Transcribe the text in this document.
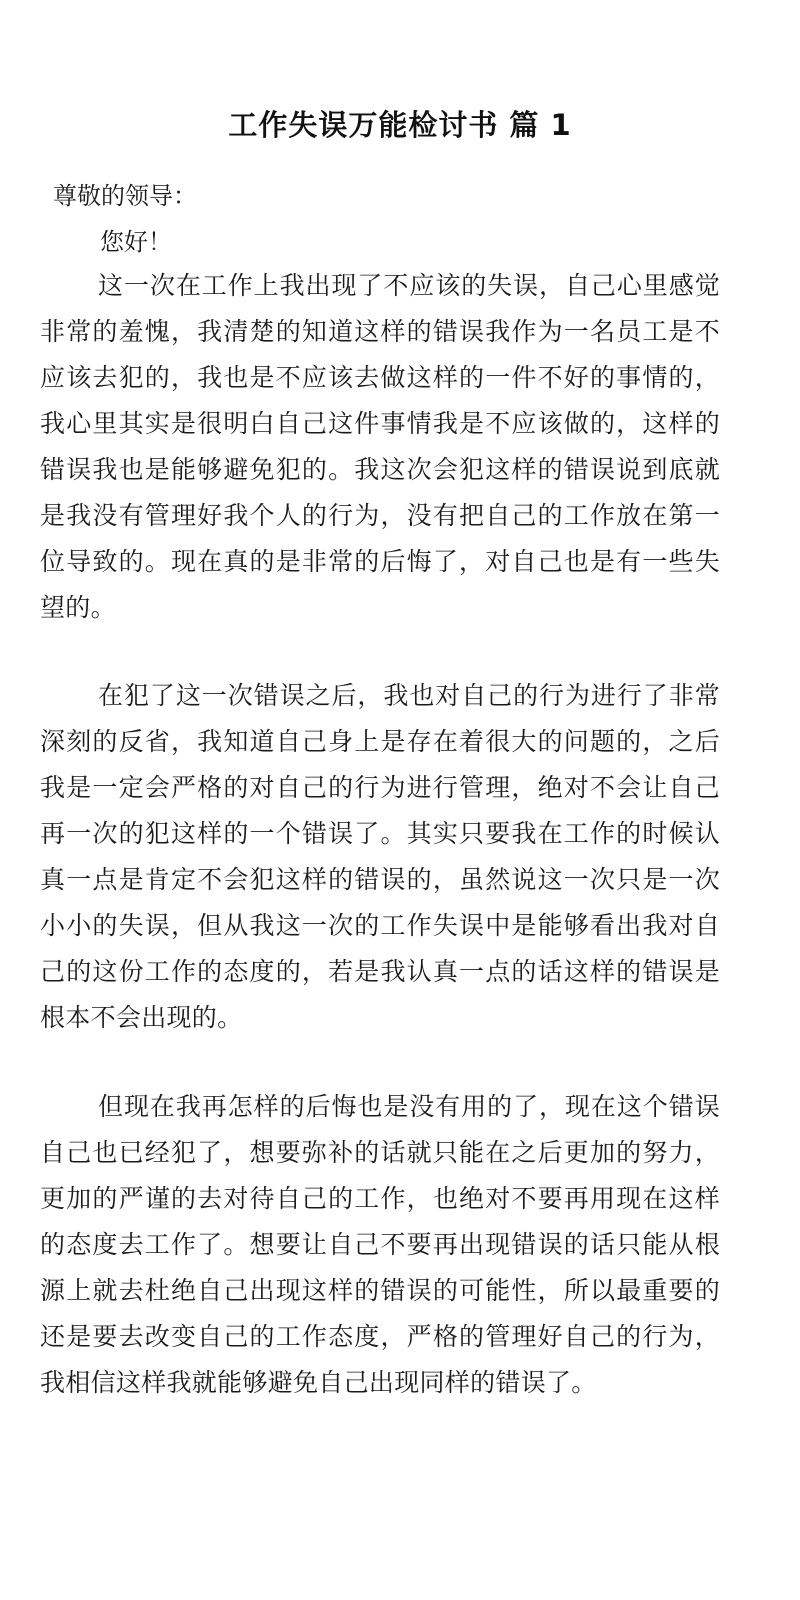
工作失误万能检讨书 篇 1
尊敬的领导：
您好！

这一次在工作上我出现了不应该的失误，自己心里感觉非常的羞愧，我清楚的知道这样的错误我作为一名员工是不应该去犯的，我也是不应该去做这样的一件不好的事情的，我心里其实是很明白自己这件事情我是不应该做的，这样的错误我也是能够避免犯的。我这次会犯这样的错误说到底就是我没有管理好我个人的行为，没有把自己的工作放在第一位导致的。现在真的是非常的后悔了，对自己也是有一些失望的。

在犯了这一次错误之后，我也对自己的行为进行了非常深刻的反省，我知道自己身上是存在着很大的问题的，之后我是一定会严格的对自己的行为进行管理，绝对不会让自己再一次的犯这样的一个错误了。其实只要我在工作的时候认真一点是肯定不会犯这样的错误的，虽然说这一次只是一次小小的失误，但从我这一次的工作失误中是能够看出我对自己的这份工作的态度的，若是我认真一点的话这样的错误是根本不会出现的。

但现在我再怎样的后悔也是没有用的了，现在这个错误自己也已经犯了，想要弥补的话就只能在之后更加的努力，更加的严谨的去对待自己的工作，也绝对不要再用现在这样的态度去工作了。想要让自己不要再出现错误的话只能从根源上就去杜绝自己出现这样的错误的可能性，所以最重要的还是要去改变自己的工作态度，严格的管理好自己的行为，我相信这样我就能够避免自己出现同样的错误了。
